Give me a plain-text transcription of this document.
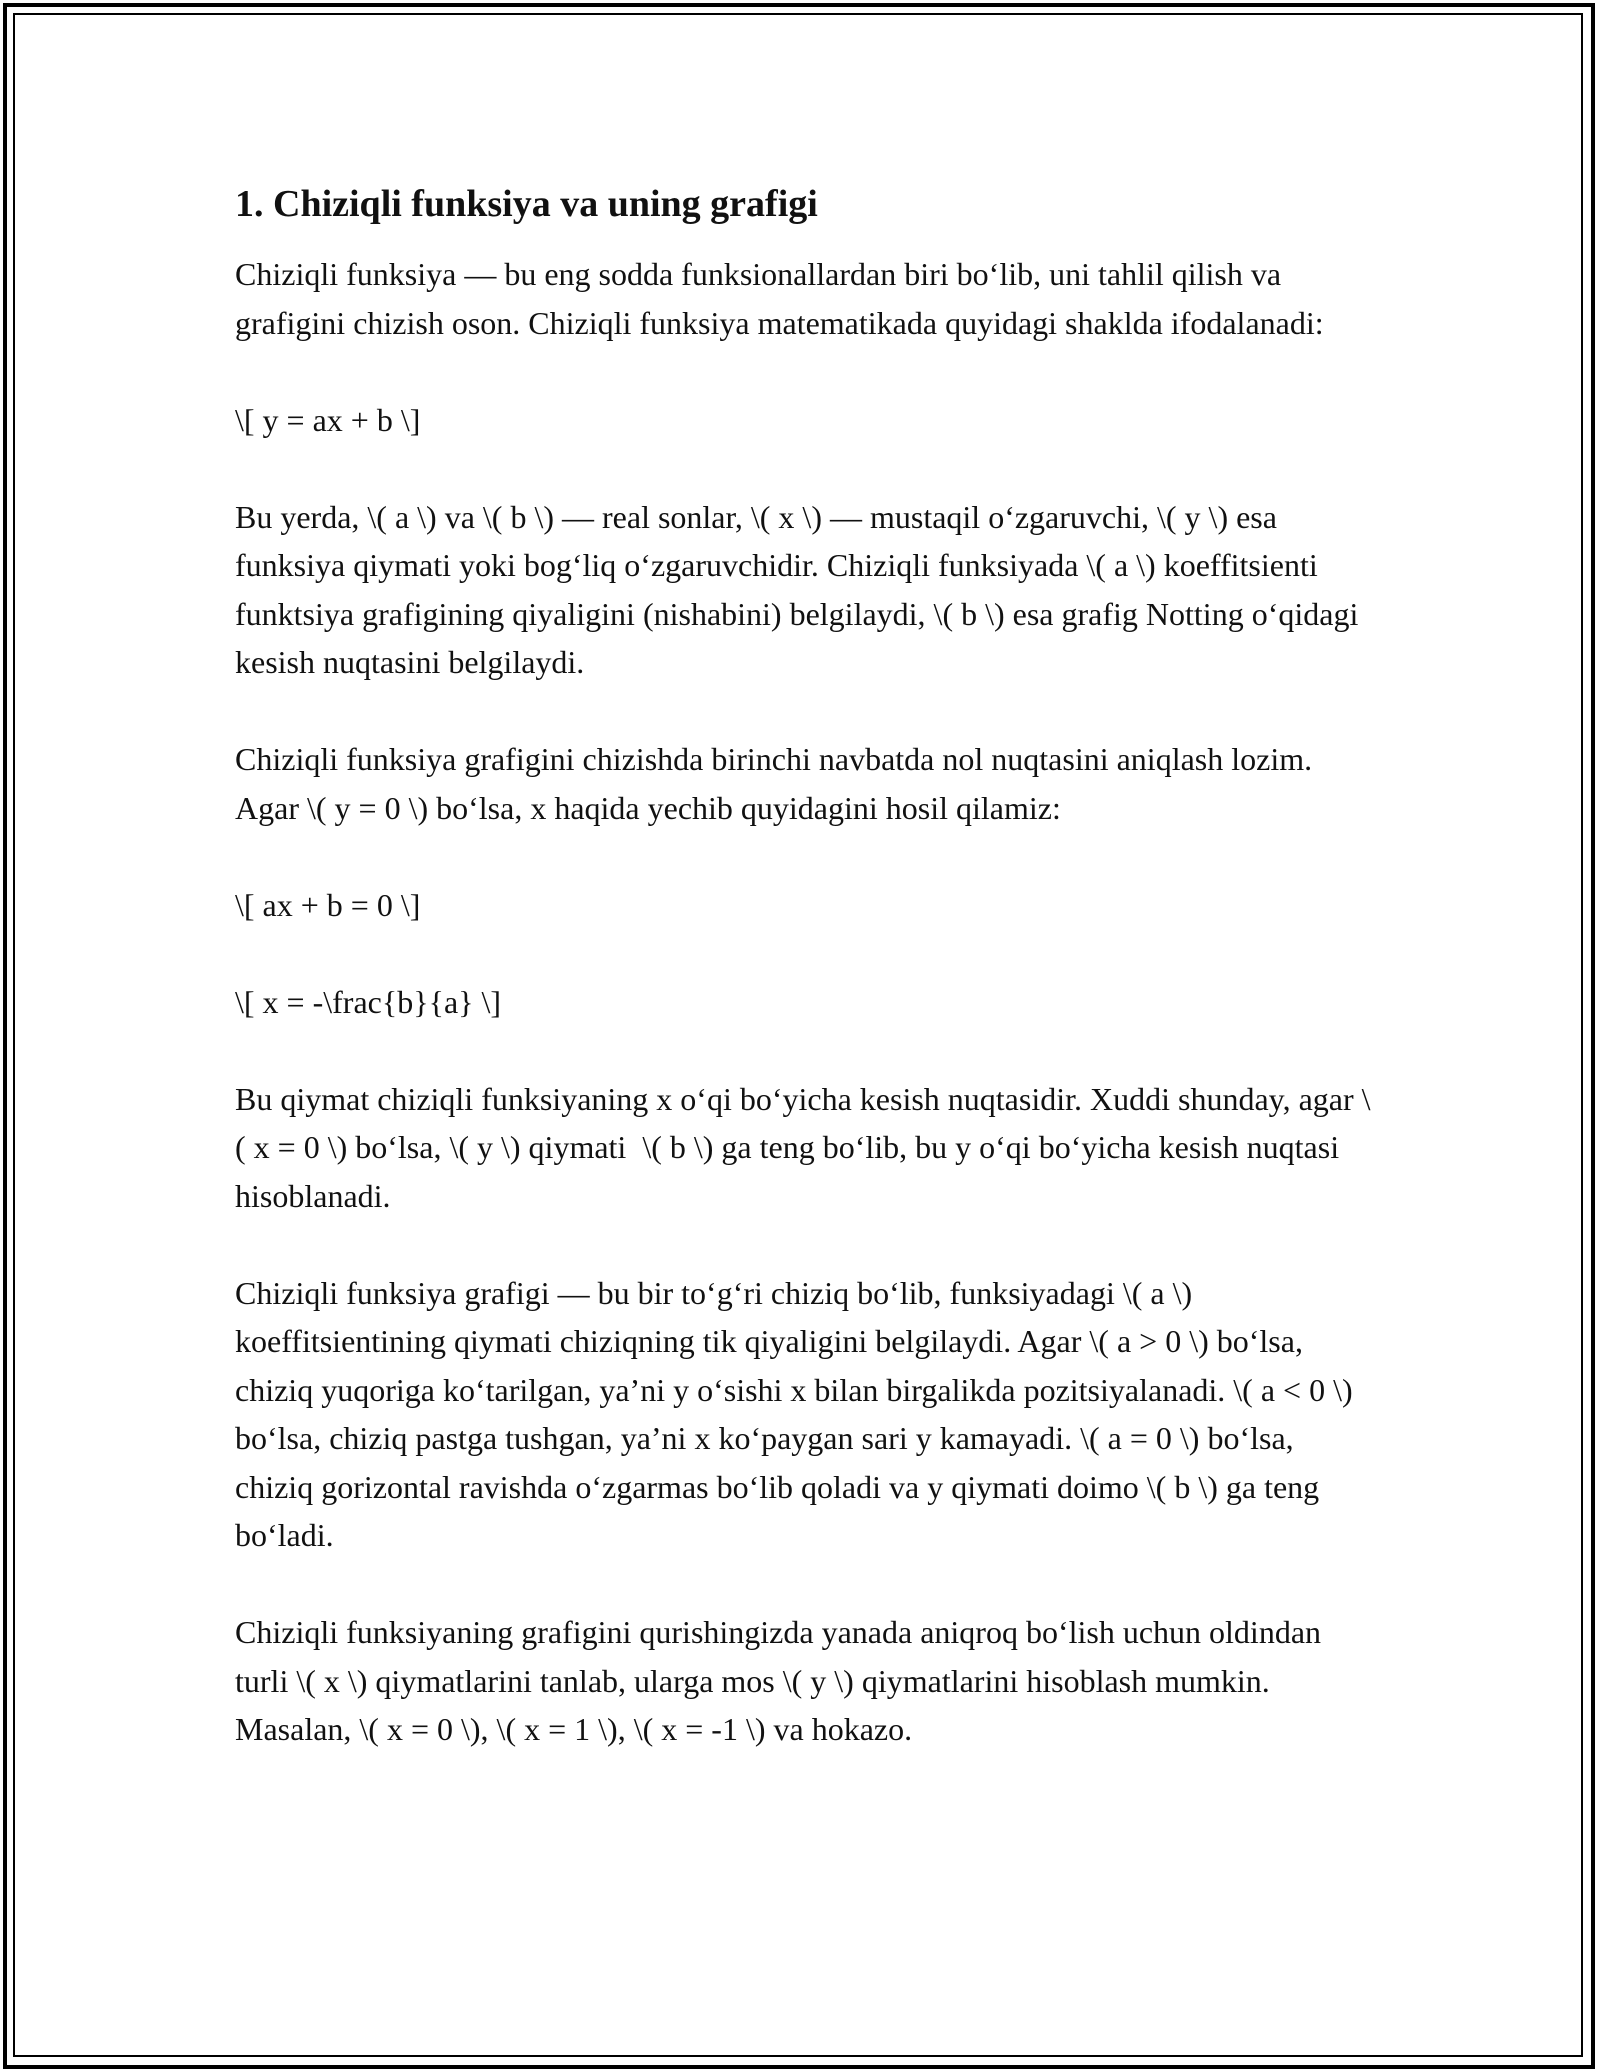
1. Chiziqli funksiya va uning grafigi

Chiziqli funksiya — bu eng sodda funksionallardan biri bo‘lib, uni tahlil qilish va grafigini chizish oson. Chiziqli funksiya matematikada quyidagi shaklda ifodalanadi:

\[ y = ax + b \]

Bu yerda, \( a \) va \( b \) — real sonlar, \( x \) — mustaqil o‘zgaruvchi, \( y \) esa funksiya qiymati yoki bog‘liq o‘zgaruvchidir. Chiziqli funksiyada \( a \) koeffitsienti funktsiya grafigining qiyaligini (nishabini) belgilaydi, \( b \) esa grafig Notting o‘qidagi kesish nuqtasini belgilaydi.

Chiziqli funksiya grafigini chizishda birinchi navbatda nol nuqtasini aniqlash lozim. Agar \( y = 0 \) bo‘lsa, x haqida yechib quyidagini hosil qilamiz:

\[ ax + b = 0 \]

\[ x = -\frac{b}{a} \]

Bu qiymat chiziqli funksiyaning x o‘qi bo‘yicha kesish nuqtasidir. Xuddi shunday, agar \( x = 0 \) bo‘lsa, \( y \) qiymati  \( b \) ga teng bo‘lib, bu y o‘qi bo‘yicha kesish nuqtasi hisoblanadi.

Chiziqli funksiya grafigi — bu bir to‘g‘ri chiziq bo‘lib, funksiyadagi \( a \) koeffitsientining qiymati chiziqning tik qiyaligini belgilaydi. Agar \( a > 0 \) bo‘lsa, chiziq yuqoriga ko‘tarilgan, ya’ni y o‘sishi x bilan birgalikda pozitsiyalanadi. \( a < 0 \) bo‘lsa, chiziq pastga tushgan, ya’ni x ko‘paygan sari y kamayadi. \( a = 0 \) bo‘lsa, chiziq gorizontal ravishda o‘zgarmas bo‘lib qoladi va y qiymati doimo \( b \) ga teng bo‘ladi.

Chiziqli funksiyaning grafigini qurishingizda yanada aniqroq bo‘lish uchun oldindan turli \( x \) qiymatlarini tanlab, ularga mos \( y \) qiymatlarini hisoblash mumkin. Masalan, \( x = 0 \), \( x = 1 \), \( x = -1 \) va hokazo.
